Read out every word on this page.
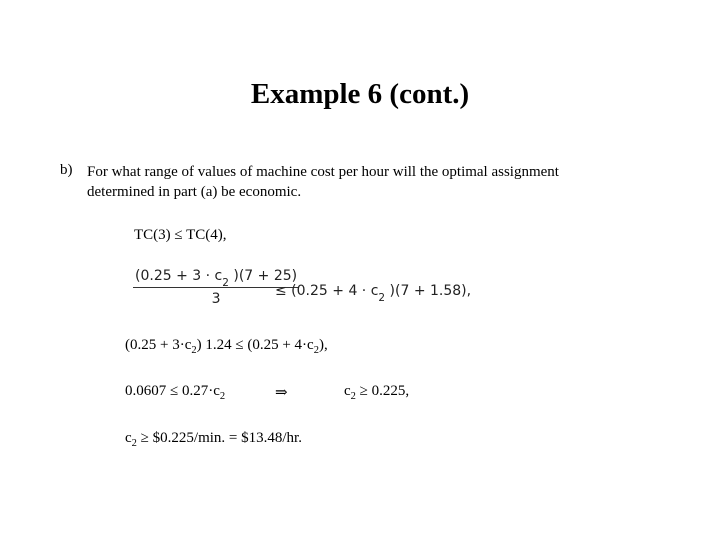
Example 6 (cont.)
b) For what range of values of machine cost per hour will the optimal assignment
determined in part (a) be economic.
TC(3) ≤ TC(4),
($0.25 + 3 \cdot c_2$ )(7 + 25)
3	≤ ($0.25 + 4 \cdot c_2$ )(7 + 1.58),
$(0.25 + 3\cdot c_2)$ $1.24 \le (0.25 + 4\cdot c_2)$,
$0.0607 \le 0.27\cdot c_2$	⇒	$c_2 \ge 0.225$,
$c_2$ ≥ $0.225/min. = $13.48/hr.
